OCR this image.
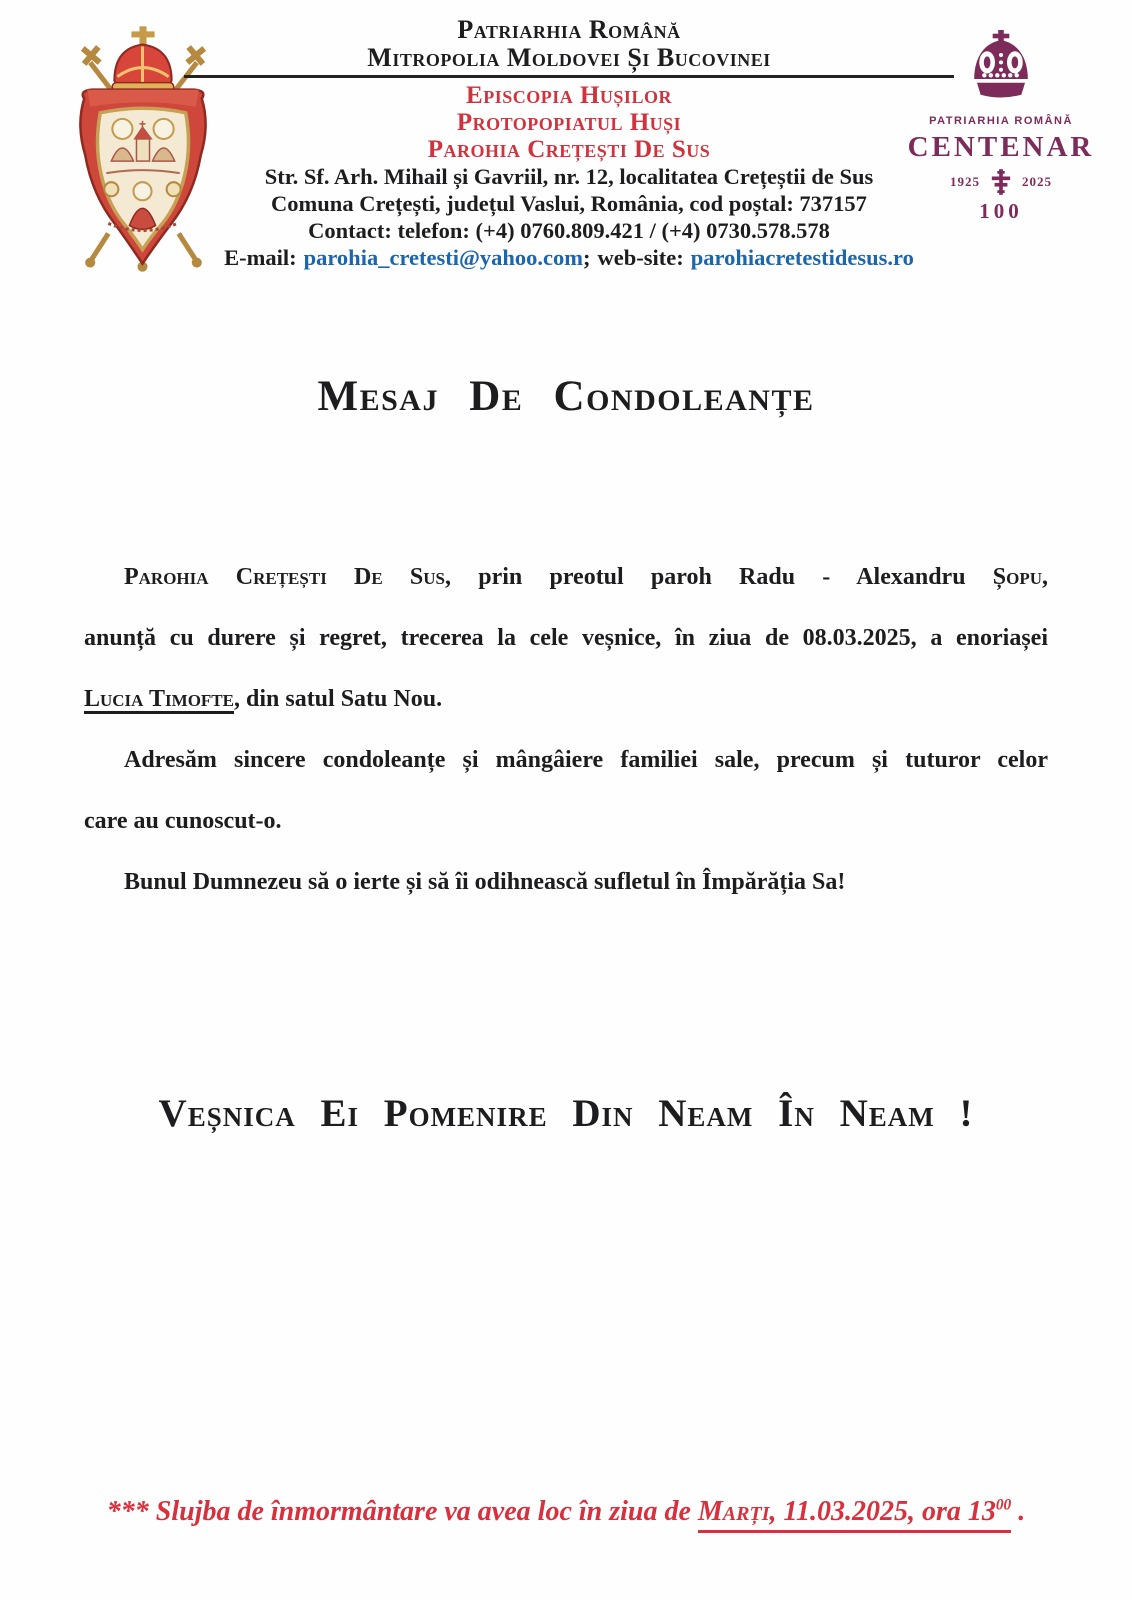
Patriarhia Română
Mitropolia Moldovei Și Bucovinei
Episcopia Hușilor
Protopopiatul Huși
Parohia Crețești De Sus
Str. Sf. Arh. Mihail și Gavriil, nr. 12, localitatea Crețeștii de Sus
Comuna Crețești, județul Vaslui, România, cod poștal: 737157
Contact: telefon: (+4) 0760.809.421 / (+4) 0730.578.578
E-mail: parohia_cretesti@yahoo.com; web-site: parohiacretestidesus.ro
PATRIARHIA ROMÂNĂ
CENTENAR
1925	2025
100
Mesaj De Condoleanțe
Parohia Crețești De Sus, prin preotul paroh Radu - Alexandru Șopu,
anunță cu durere și regret, trecerea la cele veșnice, în ziua de 08.03.2025, a enoriașei
Lucia Timofte, din satul Satu Nou.
Adresăm sincere condoleanțe și mângâiere familiei sale, precum și tuturor celor
care au cunoscut-o.
Bunul Dumnezeu să o ierte și să îi odihnească sufletul în Împărăția Sa!
Veșnica Ei Pomenire Din Neam În Neam !
*** Slujba de înmormântare va avea loc în ziua de Marți, 11.03.2025, ora $13^{00}$ .
